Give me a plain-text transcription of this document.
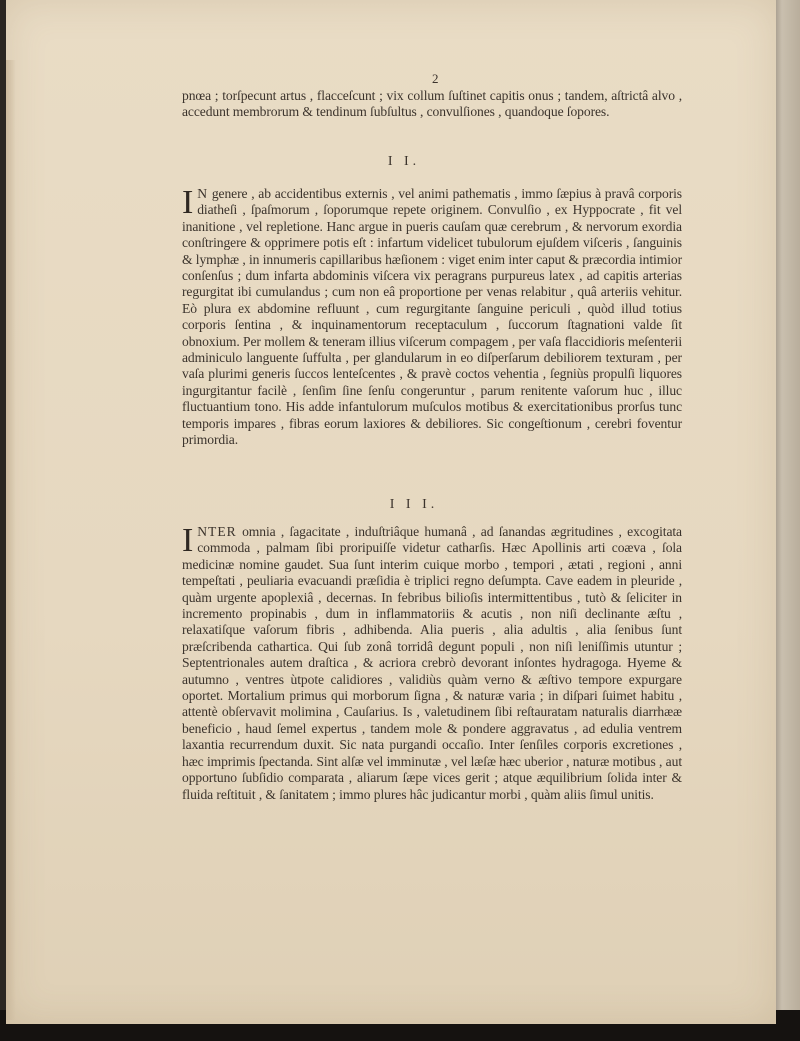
2

pnœa ; torſpecunt artus , flacceſcunt ; vix collum ſuſtinet capitis onus ; tandem, aſtrictâ alvo , accedunt membrorum & tendinum ſubſultus , convulſiones , quandoque ſopores.

I I.

I N genere , ab accidentibus externis , vel animi pathematis , immo ſæpius à pravâ corporis diatheſi , ſpaſmorum , ſoporumque repete originem. Convulſio , ex Hyppocrate , fit vel inanitione , vel repletione. Hanc argue in pueris cauſam quæ cerebrum , & nervorum exordia conſtringere & opprimere potis eſt : infartum videlicet tubulorum ejuſdem viſceris , ſanguinis & lymphæ , in innumeris capillaribus hæſionem : viget enim inter caput & præcordia intimior conſenſus ; dum infarta abdominis viſcera vix peragrans purpureus latex , ad capitis arterias regurgitat ibi cumulandus ; cum non eâ proportione per venas relabitur , quâ arteriis vehitur. Eò plura ex abdomine refluunt , cum regurgitante ſanguine periculi , quòd illud totius corporis ſentina , & inquinamentorum receptaculum , ſuccorum ſtagnationi valde ſit obnoxium. Per mollem & teneram illius viſcerum compagem , per vaſa flaccidioris meſenterii adminiculo languente ſuffulta , per glandularum in eo diſperſarum debiliorem texturam , per vaſa plurimi generis ſuccos lenteſcentes , & pravè coctos vehentia , ſegniùs propulſi liquores ingurgitantur facilè , ſenſim ſine ſenſu congeruntur , parum renitente vaſorum huc , illuc fluctuantium tono. His adde infantulorum muſculos motibus & exercitationibus prorſus tunc temporis impares , fibras eorum laxiores & debiliores. Sic congeſtionum , cerebri foventur primordia.

I I I.

INTER omnia , ſagacitate , induſtriâque humanâ , ad ſanandas ægritudines , excogitata commoda , palmam ſibi proripuiſſe videtur catharſis. Hæc Apollinis arti coæva , ſola medicinæ nomine gaudet. Sua ſunt interim cuique morbo , tempori , ætati , regioni , anni tempeſtati , peuliaria evacuandi præſidia è triplici regno deſumpta. Cave eadem in pleuride , quàm urgente apoplexiâ , decernas. In febribus bilioſis intermittentibus , tutò & ſeliciter in incremento propinabis , dum in inflammatoriis & acutis , non niſi declinante æſtu , relaxatiſque vaſorum fibris , adhibenda. Alia pueris , alia adultis , alia ſenibus ſunt præſcribenda cathartica. Qui ſub zonâ torridâ degunt populi , non niſi leniſſimis utuntur ; Septentrionales autem draſtica , & acriora crebrò devorant inſontes hydragoga. Hyeme & autumno , ventres ùtpote calidiores , validiùs quàm verno & æſtivo tempore expurgare oportet. Mortalium primus qui morborum ſigna , & naturæ varia ; in diſpari ſuimet habitu , attentè obſervavit molimina , Cauſarius. Is , valetudinem ſibi reſtauratam naturalis diarrhææ beneficio , haud ſemel expertus , tandem mole & pondere aggravatus , ad edulia ventrem laxantia recurrendum duxit. Sic nata purgandi occaſio. Inter ſenſiles corporis excretiones , hæc imprimis ſpectanda. Sint alſæ vel imminutæ , vel læſæ hæc uberior , naturæ motibus , aut opportuno ſubſidio comparata , aliarum ſæpe vices gerit ; atque æquilibrium ſolida inter & fluida reſtituit , & ſanitatem ; immo plures hâc judicantur morbi , quàm aliis ſimul unitis.
